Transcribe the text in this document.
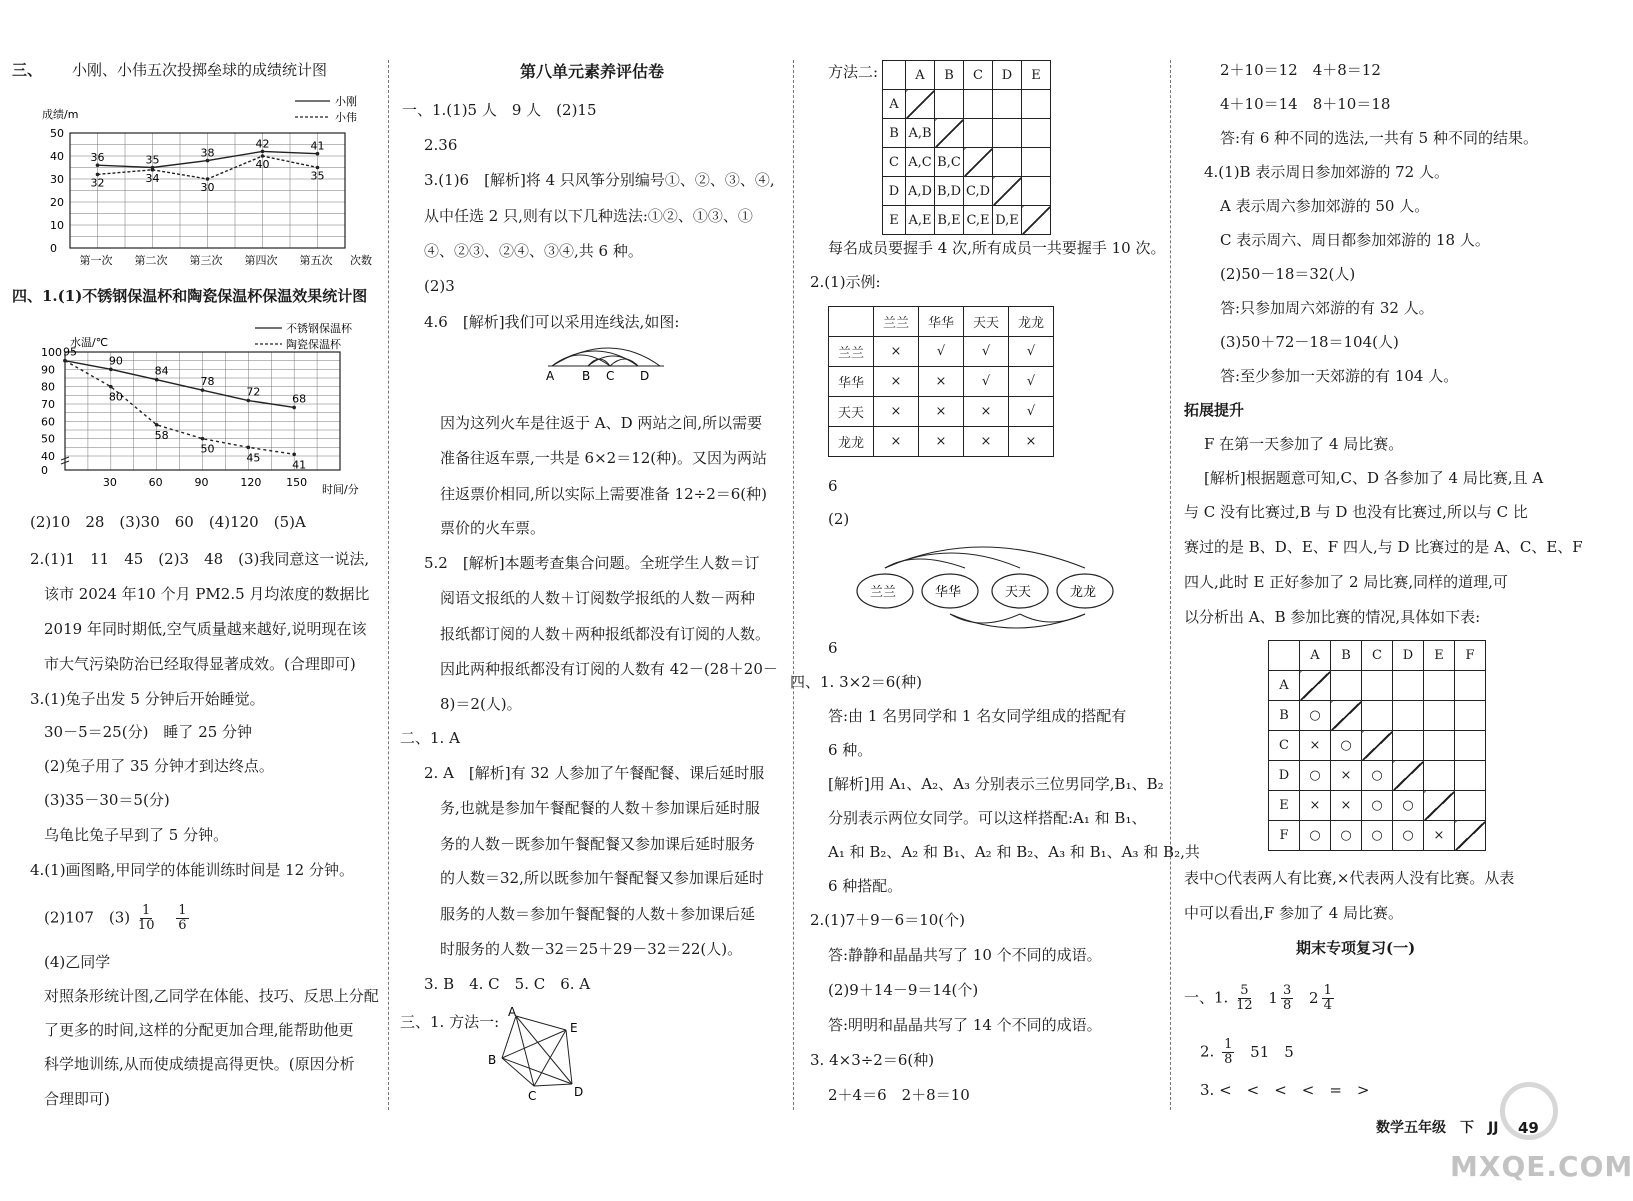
三、 小刚、小伟五次投掷垒球的成绩统计图
成绩/m
小刚
小伟
50
40
30
20
10
0
第一次 第二次 第三次 第四次 第五次
36	35
38
42	41
32	34
30
40
35
次数
四、1.(1)不锈钢保温杯和陶瓷保温杯保温效果统计图
水温/℃
不锈钢保温杯
陶瓷保温杯
100
90
80
70
60
50
40
0
30	60	90	120 150
95
90
84
78
72
68
80
58
50
45
41
时间/分
(2)10　28　(3)30　60　(4)120　(5)A
2.(1)1　11　45　(2)3　48　(3)我同意这一说法,
该市 2024 年10 个月 PM2.5 月均浓度的数据比
2019 年同时期低,空气质量越来越好,说明现在该
市大气污染防治已经取得显著成效。(合理即可)
3.(1)兔子出发 5 分钟后开始睡觉。
30－5＝25(分)　睡了 25 分钟
(2)兔子用了 35 分钟才到达终点。
(3)35－30＝5(分)
乌龟比兔子早到了 5 分钟。
4.(1)画图略,甲同学的体能训练时间是 12 分钟。
(2)107　$(3) \frac{1}{10}$
$\frac{1}{6}$
(4)乙同学
对照条形统计图,乙同学在体能、技巧、反思上分配
了更多的时间,这样的分配更加合理,能帮助他更
科学地训练,从而使成绩提高得更快。(原因分析
合理即可)
第八单元素养评估卷
一、1.(1)5 人　9 人　(2)15
2.36
3.(1)6　[解析]将 4 只风筝分别编号①、②、③、④,
从中任选 2 只,则有以下几种选法:①②、①③、①
④、②③、②④、③④,共 6 种。
(2)3
4.6　[解析]我们可以采用连线法,如图:
A B C D
因为这列火车是往返于 A、D 两站之间,所以需要
准备往返车票,一共是 6×2＝12(种)。又因为两站
往返票价相同,所以实际上需要准备 12÷2＝6(种)
票价的火车票。
5.2　[解析]本题考查集合问题。全班学生人数＝订
阅语文报纸的人数＋订阅数学报纸的人数－两种
报纸都订阅的人数＋两种报纸都没有订阅的人数。
因此两种报纸都没有订阅的人数有 42－(28＋20－
8)＝2(人)。
二、1. A
2. A　[解析]有 32 人参加了午餐配餐、课后延时服
务,也就是参加午餐配餐的人数＋参加课后延时服
务的人数－既参加午餐配餐又参加课后延时服务
的人数＝32,所以既参加午餐配餐又参加课后延时
服务的人数＝参加午餐配餐的人数＋参加课后延
时服务的人数－32＝25＋29－32＝22(人)。
3. B　4. C　5. C　6. A
三、1. 方法一:
A
E
B
C	D
方法二:
		A	B	C	D	E
A					
B	A,B				
C	A,C	B,C			
D	A,D	B,D	C,D		
E	A,E	B,E	C,E	D,E	
每名成员要握手 4 次,所有成员一共要握手 10 次。
2.(1)示例:
	兰兰	华华	天天	龙龙
兰兰	×	√	√	√
华华	×	×	√	√
天天	×	×	×	√
龙龙	×	×	×	×
6
(2)
兰兰	华华	天天	龙龙
6
四、1. 3×2＝6(种)
答:由 1 名男同学和 1 名女同学组成的搭配有
6 种。
[解析]用 A₁、A₂、A₃ 分别表示三位男同学,B₁、B₂
分别表示两位女同学。可以这样搭配:A₁ 和 B₁、
A₁ 和 B₂、A₂ 和 B₁、A₂ 和 B₂、A₃ 和 B₁、A₃ 和 B₂,共
6 种搭配。
2.(1)7＋9－6＝10(个)
答:静静和晶晶共写了 10 个不同的成语。
(2)9＋14－9＝14(个)
答:明明和晶晶共写了 14 个不同的成语。
3. 4×3÷2＝6(种)
2＋4＝6　2＋8＝10
2＋10＝12　4＋8＝12
4＋10＝14　8＋10＝18
答:有 6 种不同的选法,一共有 5 种不同的结果。
4.(1)B 表示周日参加郊游的 72 人。
A 表示周六参加郊游的 50 人。
C 表示周六、周日都参加郊游的 18 人。
(2)50－18＝32(人)
答:只参加周六郊游的有 32 人。
(3)50＋72－18＝104(人)
答:至少参加一天郊游的有 104 人。
拓展提升
F 在第一天参加了 4 局比赛。
[解析]根据题意可知,C、D 各参加了 4 局比赛,且 A
与 C 没有比赛过,B 与 D 也没有比赛过,所以与 C 比
赛过的是 B、D、E、F 四人,与 D 比赛过的是 A、C、E、F
四人,此时 E 正好参加了 2 局比赛,同样的道理,可
以分析出 A、B 参加比赛的情况,具体如下表:
	A	B	C	D	E	F
A						
B	○					
C	×	○				
D	○	×	○			
E	×	×	○	○		
F	○	○	○	○	×	
表中○代表两人有比赛,×代表两人没有比赛。从表
中可以看出,F 参加了 4 局比赛。
期末专项复习(一)
一、1. $\frac{5}{12} 1 \frac{3}{8} 2 \frac{1}{4}$
2. $\frac{1}{8} 51$　5
3. <　<　<　<　=　>
数学五年级　下　JJ 49
MXQE.COM
